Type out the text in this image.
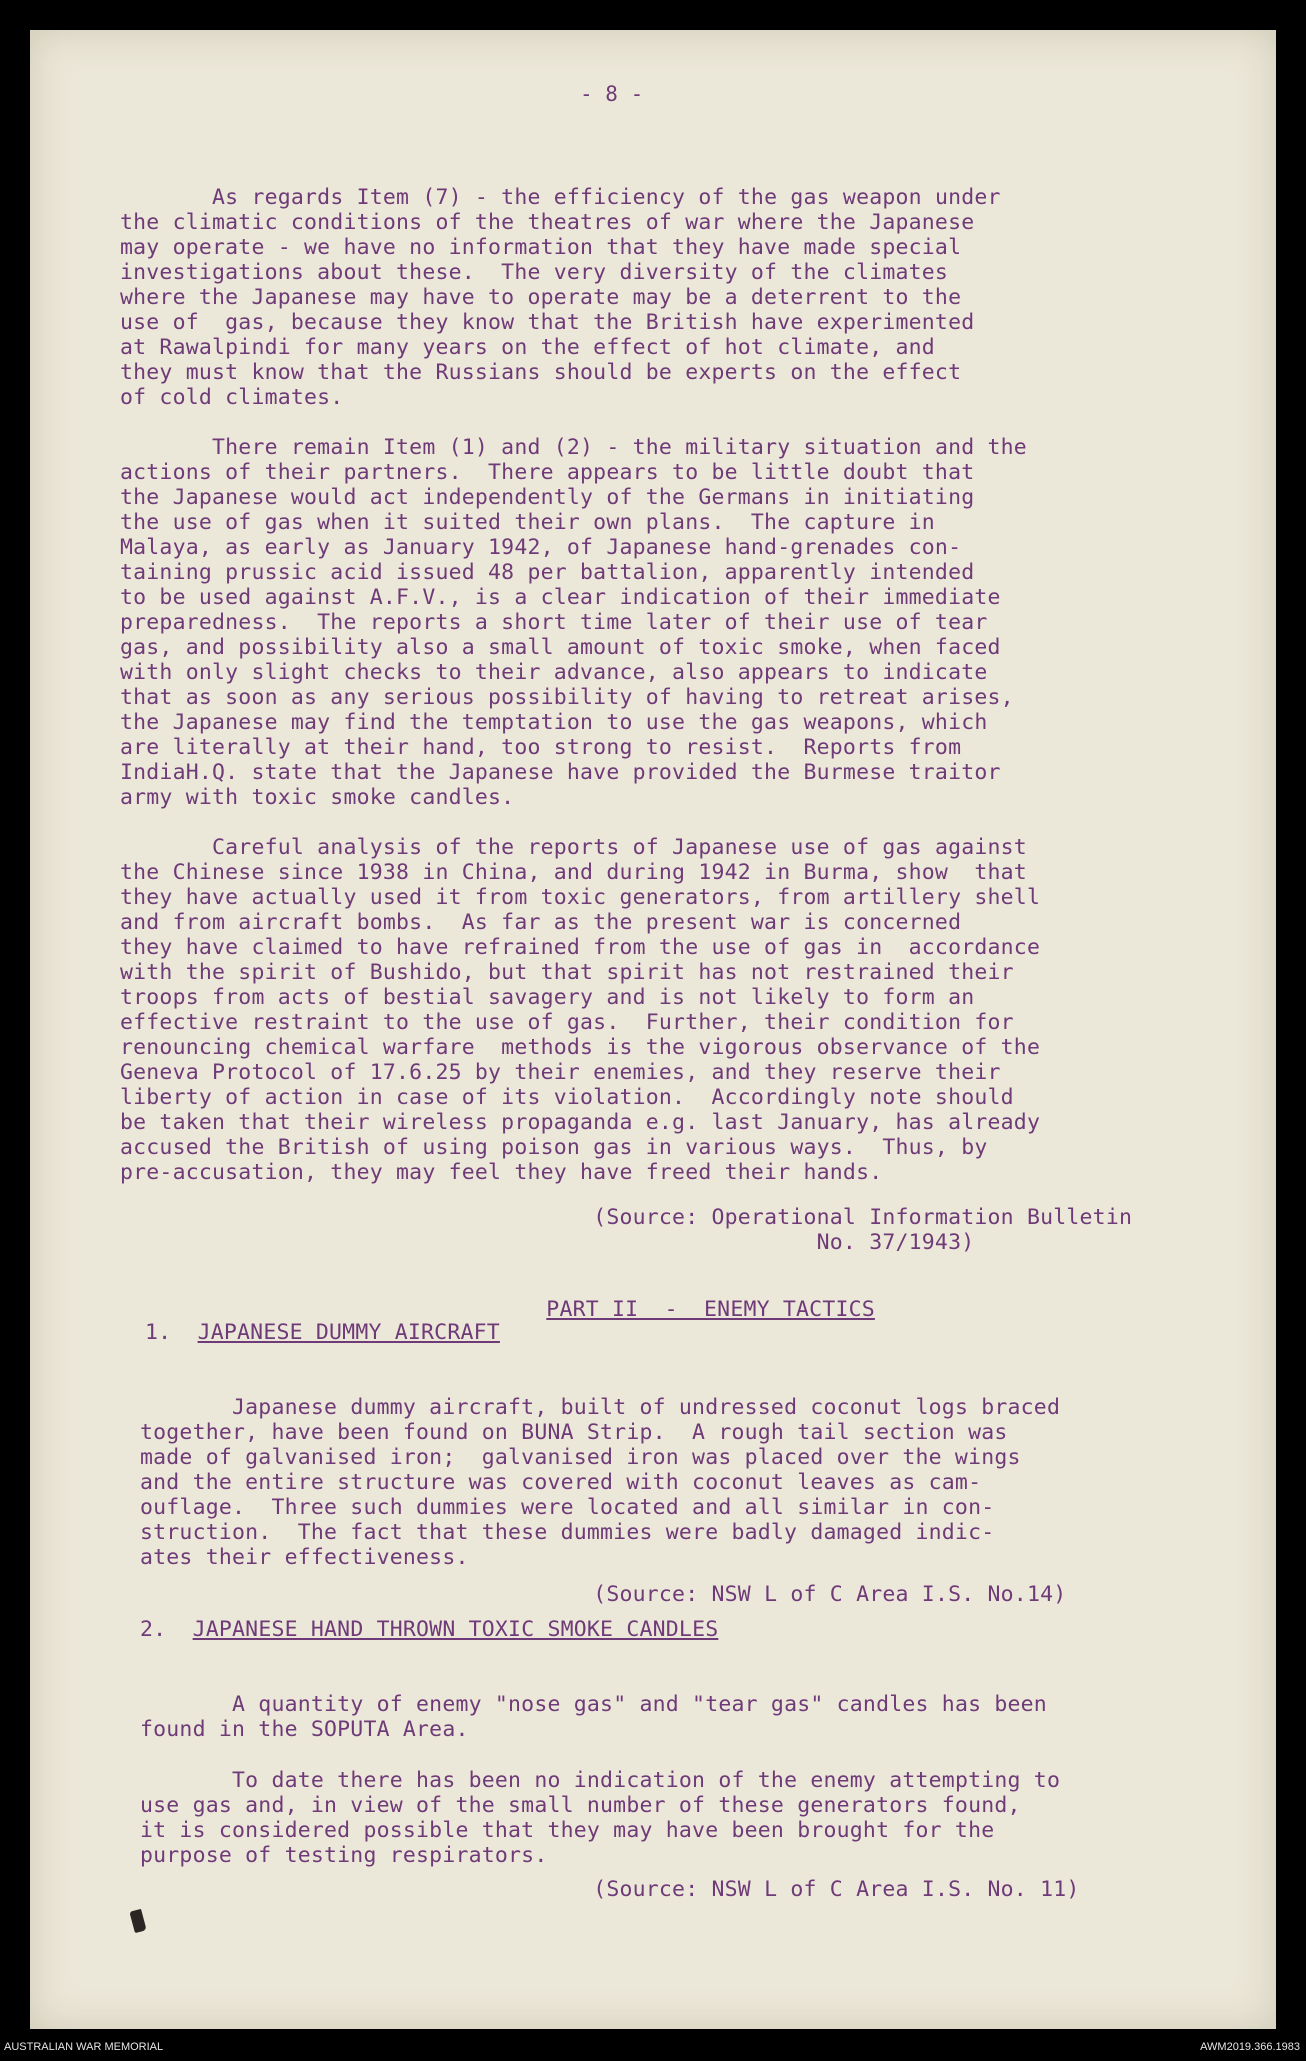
- 8 -

As regards Item (7) - the efficiency of the gas weapon under
the climatic conditions of the theatres of war where the Japanese
may operate - we have no information that they have made special
investigations about these.  The very diversity of the climates
where the Japanese may have to operate may be a deterrent to the
use of  gas, because they know that the British have experimented
at Rawalpindi for many years on the effect of hot climate, and
they must know that the Russians should be experts on the effect
of cold climates.

There remain Item (1) and (2) - the military situation and the
actions of their partners.  There appears to be little doubt that
the Japanese would act independently of the Germans in initiating
the use of gas when it suited their own plans.  The capture in
Malaya, as early as January 1942, of Japanese hand-grenades con-
taining prussic acid issued 48 per battalion, apparently intended
to be used against A.F.V., is a clear indication of their immediate
preparedness.  The reports a short time later of their use of tear
gas, and possibility also a small amount of toxic smoke, when faced
with only slight checks to their advance, also appears to indicate
that as soon as any serious possibility of having to retreat arises,
the Japanese may find the temptation to use the gas weapons, which
are literally at their hand, too strong to resist.  Reports from
IndiaH.Q. state that the Japanese have provided the Burmese traitor
army with toxic smoke candles.

Careful analysis of the reports of Japanese use of gas against
the Chinese since 1938 in China, and during 1942 in Burma, show  that
they have actually used it from toxic generators, from artillery shell
and from aircraft bombs.  As far as the present war is concerned
they have claimed to have refrained from the use of gas in  accordance
with the spirit of Bushido, but that spirit has not restrained their
troops from acts of bestial savagery and is not likely to form an
effective restraint to the use of gas.  Further, their condition for
renouncing chemical warfare  methods is the vigorous observance of the
Geneva Protocol of 17.6.25 by their enemies, and they reserve their
liberty of action in case of its violation.  Accordingly note should
be taken that their wireless propaganda e.g. last January, has already
accused the British of using poison gas in various ways.  Thus, by
pre-accusation, they may feel they have freed their hands.

(Source: Operational Information Bulletin
No. 37/1943)

PART II  -  ENEMY TACTICS

1. JAPANESE DUMMY AIRCRAFT

Japanese dummy aircraft, built of undressed coconut logs braced
together, have been found on BUNA Strip.  A rough tail section was
made of galvanised iron;  galvanised iron was placed over the wings
and the entire structure was covered with coconut leaves as cam-
ouflage.  Three such dummies were located and all similar in con-
struction.  The fact that these dummies were badly damaged indic-
ates their effectiveness.

(Source: NSW L of C Area I.S. No.14)

2. JAPANESE HAND THROWN TOXIC SMOKE CANDLES

A quantity of enemy "nose gas" and "tear gas" candles has been
found in the SOPUTA Area.

To date there has been no indication of the enemy attempting to
use gas and, in view of the small number of these generators found,
it is considered possible that they may have been brought for the
purpose of testing respirators.

(Source: NSW L of C Area I.S. No. 11)

AUSTRALIAN WAR MEMORIAL	AWM2019.366.1983
